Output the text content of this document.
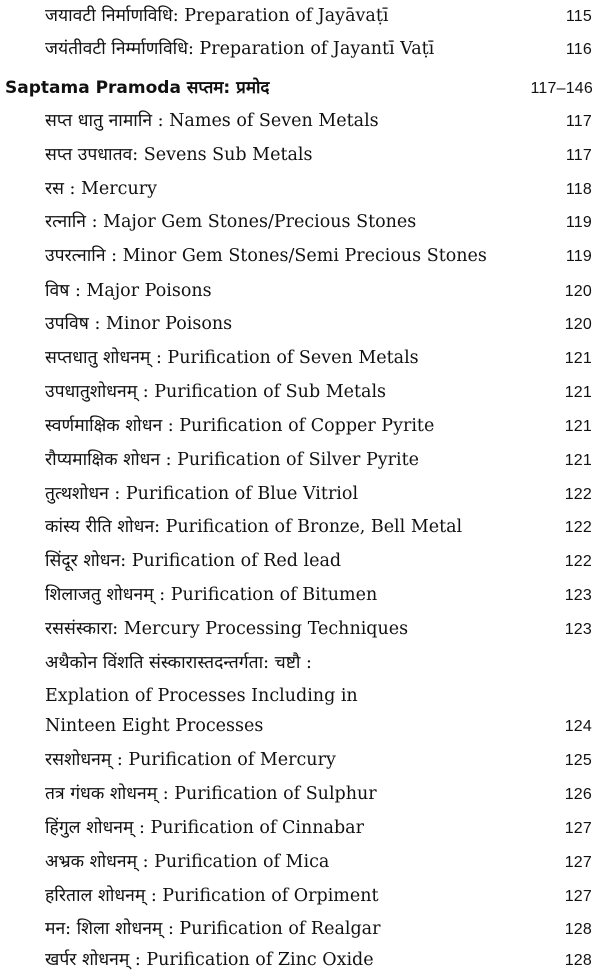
जयावटी निर्माणविधि: Preparation of Jayāvaṭī	115
जयंतीवटी निर्म्माणविधि: Preparation of Jayantī Vaṭī	116
Saptama Pramoda सप्तम: प्रमोद	117–146
सप्त धातु नामानि : Names of Seven Metals	117
सप्त उपधातव: Sevens Sub Metals	117
रस : Mercury	118
रत्नानि : Major Gem Stones/Precious Stones	119
उपरत्नानि : Minor Gem Stones/Semi Precious Stones	119
विष : Major Poisons	120
उपविष : Minor Poisons	120
सप्तधातु शोधनम् : Purification of Seven Metals	121
उपधातुशोधनम् : Purification of Sub Metals	121
स्वर्णमाक्षिक शोधन : Purification of Copper Pyrite	121
रौप्यमाक्षिक शोधन : Purification of Silver Pyrite	121
तुत्थशोधन : Purification of Blue Vitriol	122
कांस्य रीति शोधन: Purification of Bronze, Bell Metal	122
सिंदूर शोधन: Purification of Red lead	122
शिलाजतु शोधनम् : Purification of Bitumen	123
रससंस्कारा: Mercury Processing Techniques	123
अथैकोन विंशति संस्कारास्तदन्तर्गता: चष्टौ :
Explation of Processes Including in
Ninteen Eight Processes	124
रसशोधनम् : Purification of Mercury	125
तत्र गंधक शोधनम् : Purification of Sulphur	126
हिंगुल शोधनम् : Purification of Cinnabar	127
अभ्रक शोधनम् : Purification of Mica	127
हरिताल शोधनम् : Purification of Orpiment	127
मन: शिला शोधनम् : Purification of Realgar	128
खर्पर शोधनम् : Purification of Zinc Oxide	128
